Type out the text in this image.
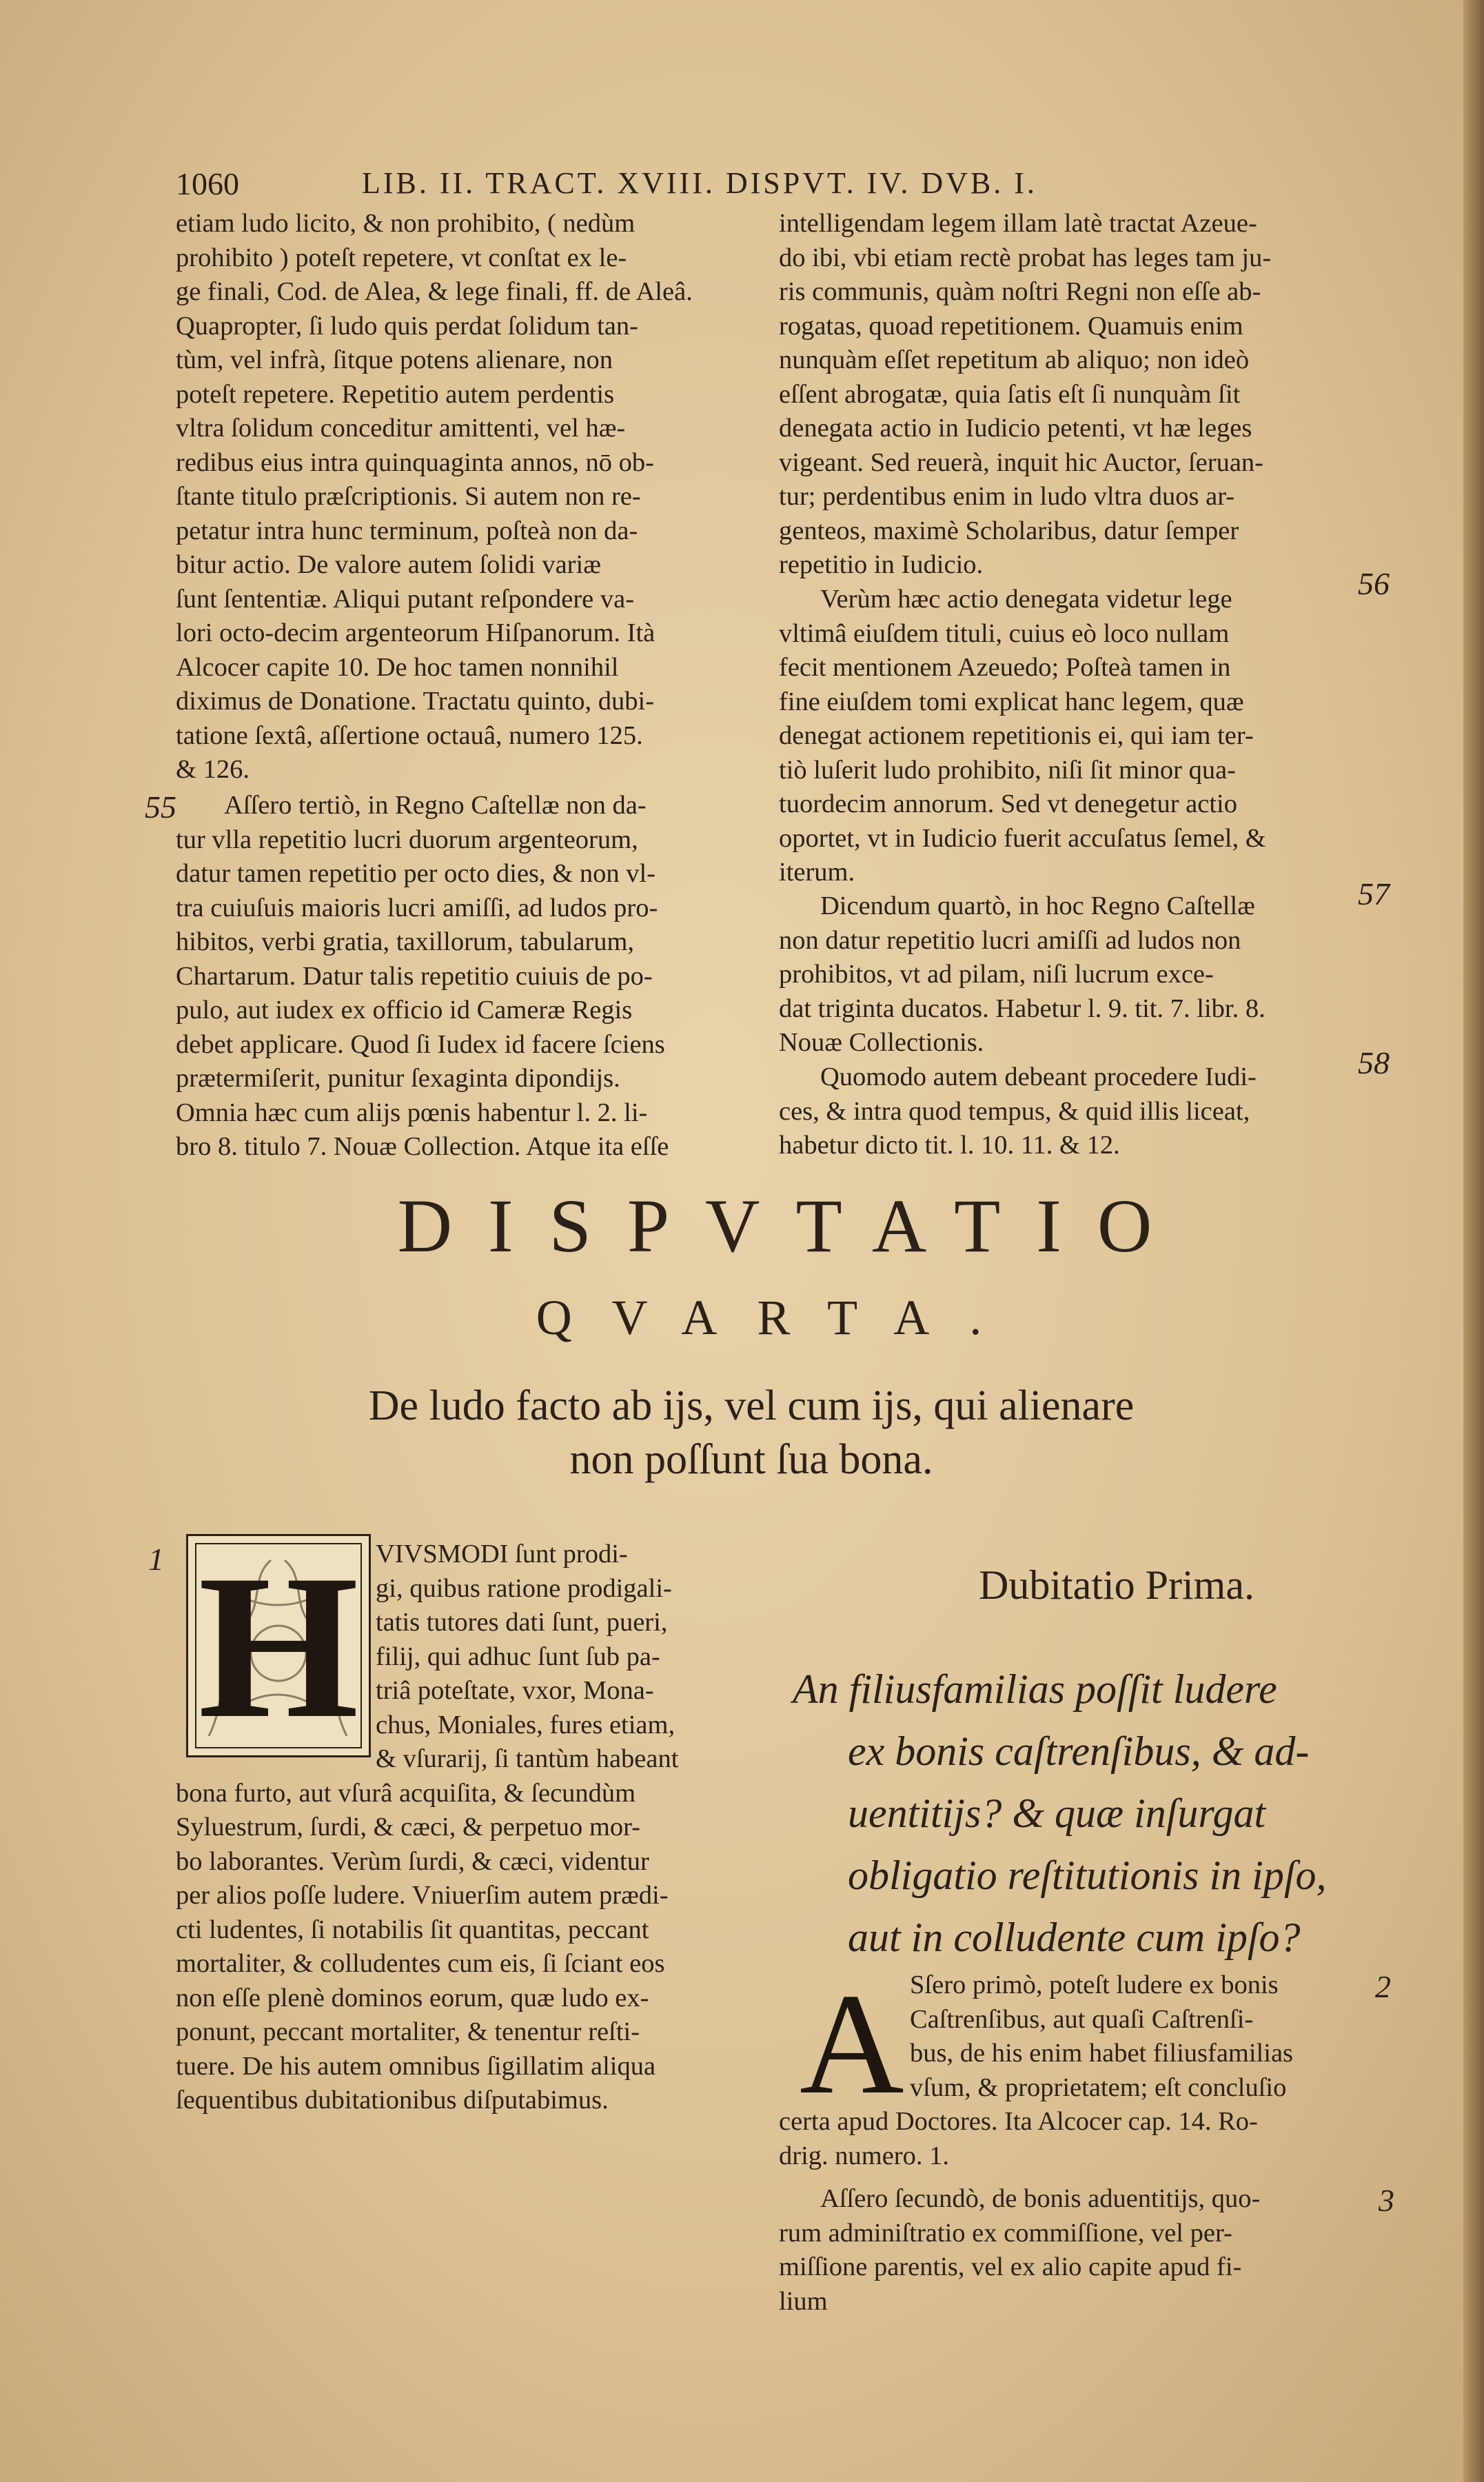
1060	LIB. II. TRACT. XVIII. DISPVT. IV. DVB. I.
etiam ludo licito, & non prohibito, ( nedùm
prohibito ) poteſt repetere, vt conſtat ex le-
ge finali, Cod. de Alea, & lege finali, ff. de Aleâ.
Quapropter, ſi ludo quis perdat ſolidum tan-
tùm, vel infrà, ſitque potens alienare, non
poteſt repetere. Repetitio autem perdentis
vltra ſolidum conceditur amittenti, vel hæ-
redibus eius intra quinquaginta annos, nō ob-
ſtante titulo præſcriptionis. Si autem non re-
petatur intra hunc terminum, poſteà non da-
bitur actio. De valore autem ſolidi variæ
ſunt ſententiæ. Aliqui putant reſpondere va-
lori octo-decim argenteorum Hiſpanorum. Ità
Alcocer capite 10. De hoc tamen nonnihil
diximus de Donatione. Tractatu quinto, dubi-
tatione ſextâ, aſſertione octauâ, numero 125.
& 126.
Aſſero tertiò, in Regno Caſtellæ non da-
tur vlla repetitio lucri duorum argenteorum,
datur tamen repetitio per octo dies, & non vl-
tra cuiuſuis maioris lucri amiſſi, ad ludos pro-
hibitos, verbi gratia, taxillorum, tabularum,
Chartarum. Datur talis repetitio cuiuis de po-
pulo, aut iudex ex officio id Cameræ Regis
debet applicare. Quod ſi Iudex id facere ſciens
prætermiſerit, punitur ſexaginta dipondijs.
Omnia hæc cum alijs pœnis habentur l. 2. li-
bro 8. titulo 7. Nouæ Collection. Atque ita eſſe
intelligendam legem illam latè tractat Azeue-
do ibi, vbi etiam rectè probat has leges tam ju-
ris communis, quàm noſtri Regni non eſſe ab-
rogatas, quoad repetitionem. Quamuis enim
nunquàm eſſet repetitum ab aliquo; non ideò
eſſent abrogatæ, quia ſatis eſt ſi nunquàm ſit
denegata actio in Iudicio petenti, vt hæ leges
vigeant. Sed reuerà, inquit hic Auctor, ſeruan-
tur; perdentibus enim in ludo vltra duos ar-
genteos, maximè Scholaribus, datur ſemper
repetitio in Iudicio.
Verùm hæc actio denegata videtur lege
vltimâ eiuſdem tituli, cuius eò loco nullam
fecit mentionem Azeuedo; Poſteà tamen in
fine eiuſdem tomi explicat hanc legem, quæ
denegat actionem repetitionis ei, qui iam ter-
tiò luſerit ludo prohibito, niſi ſit minor qua-
tuordecim annorum. Sed vt denegetur actio
oportet, vt in Iudicio fuerit accuſatus ſemel, &
iterum.
Dicendum quartò, in hoc Regno Caſtellæ
non datur repetitio lucri amiſſi ad ludos non
prohibitos, vt ad pilam, niſi lucrum exce-
dat triginta ducatos. Habetur l. 9. tit. 7. libr. 8.
Nouæ Collectionis.
Quomodo autem debeant procedere Iudi-
ces, & intra quod tempus, & quid illis liceat,
habetur dicto tit. l. 10. 11. & 12.
55
56
57
58
1
2
3
DISPVTATIO
QVARTA.
De ludo facto ab ijs, vel cum ijs, qui alienare
non poſſunt ſua bona.
H VIVSMODI ſunt prodi-
gi, quibus ratione prodigali-
tatis tutores dati ſunt, pueri,
filij, qui adhuc ſunt ſub pa-
triâ poteſtate, vxor, Mona-
chus, Moniales, fures etiam,
& vſurarij, ſi tantùm habeant
bona furto, aut vſurâ acquiſita, & ſecundùm
Syluestrum, ſurdi, & cæci, & perpetuo mor-
bo laborantes. Verùm ſurdi, & cæci, videntur
per alios poſſe ludere. Vniuerſim autem prædi-
cti ludentes, ſi notabilis ſit quantitas, peccant
mortaliter, & colludentes cum eis, ſi ſciant eos
non eſſe plenè dominos eorum, quæ ludo ex-
ponunt, peccant mortaliter, & tenentur reſti-
tuere. De his autem omnibus ſigillatim aliqua
ſequentibus dubitationibus diſputabimus.
Dubitatio Prima.
An filiusfamilias poſſit ludere
ex bonis caſtrenſibus, & ad-
uentitijs? & quæ inſurgat
obligatio reſtitutionis in ipſo,
aut in colludente cum ipſo?
A Sſero primò, poteſt ludere ex bonis
Caſtrenſibus, aut quaſi Caſtrenſi-
bus, de his enim habet filiusfamilias
vſum, & proprietatem; eſt concluſio
certa apud Doctores. Ita Alcocer cap. 14. Ro-
drig. numero. 1.
Aſſero ſecundò, de bonis aduentitijs, quo-
rum adminiſtratio ex commiſſione, vel per-
miſſione parentis, vel ex alio capite apud fi-
lium
